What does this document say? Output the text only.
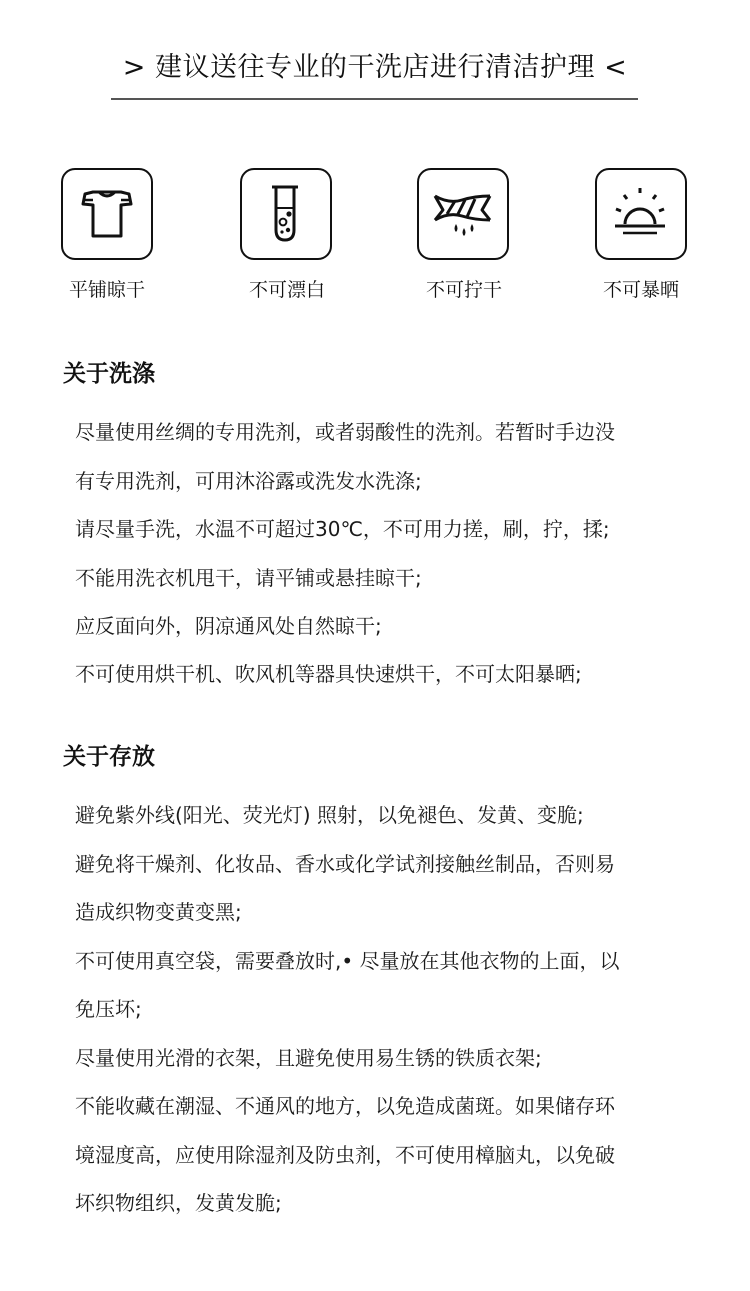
> 建议送往专业的干洗店进行清洁护理 <
平铺晾干	不可漂白	不可拧干	不可暴晒
关于洗涤
尽量使用丝绸的专用洗剂，或者弱酸性的洗剂。若暂时手边没
有专用洗剂，可用沐浴露或洗发水洗涤;
请尽量手洗，水温不可超过30℃，不可用力搓，刷，拧，揉;
不能用洗衣机甩干，请平铺或悬挂晾干;
应反面向外，阴凉通风处自然晾干;
不可使用烘干机、吹风机等器具快速烘干，不可太阳暴晒;
关于存放
避免紫外线(阳光、荧光灯) 照射，以免褪色、发黄、变脆;
避免将干燥剂、化妆品、香水或化学试剂接触丝制品，否则易
造成织物变黄变黑;
不可使用真空袋，需要叠放时,• 尽量放在其他衣物的上面，以
免压坏;
尽量使用光滑的衣架，且避免使用易生锈的铁质衣架;
不能收藏在潮湿、不通风的地方，以免造成菌斑。如果储存环
境湿度高，应使用除湿剂及防虫剂，不可使用樟脑丸，以免破
坏织物组织，发黄发脆;
